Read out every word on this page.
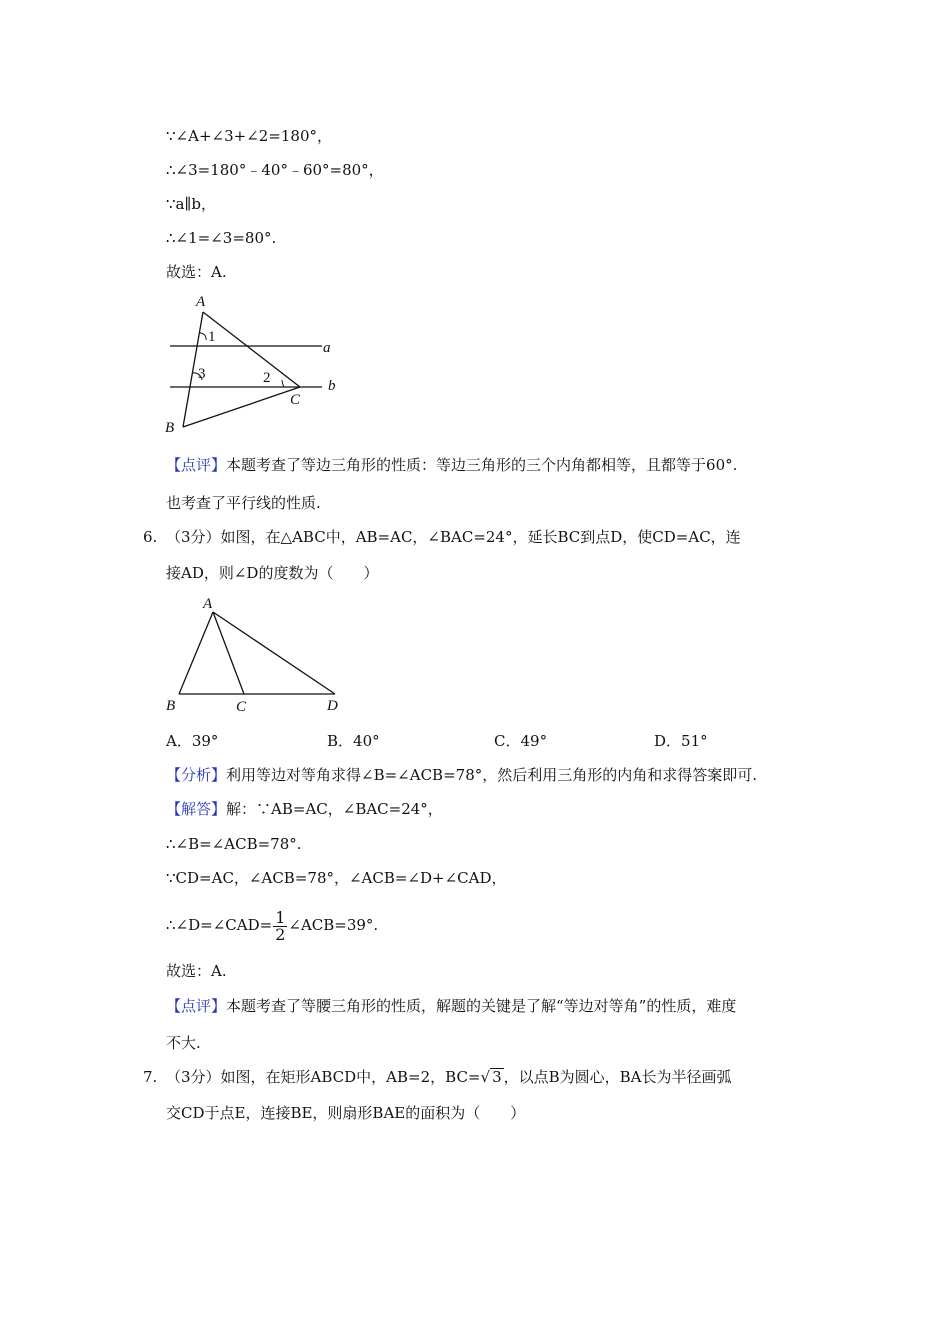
∵∠A+∠3+∠2=180°，
∴∠3=180°﹣40°﹣60°=80°，
∵a∥b，
∴∠1=∠3=80°.
故选：A.
A
B
C
a
b
1
2
3
【点评】本题考查了等边三角形的性质：等边三角形的三个内角都相等，且都等于60°.
也考查了平行线的性质.
6. （3分）如图，在△ABC中，AB=AC，∠BAC=24°，延长BC到点D，使CD=AC，连
接AD，则∠D的度数为（　　）
A
B	C	D
A．39°	B．40°	C．49°	D．51°
【分析】利用等边对等角求得∠B=∠ACB=78°，然后利用三角形的内角和求得答案即可.
【解答】解：∵AB=AC，∠BAC=24°，
∴∠B=∠ACB=78°.
∵CD=AC，∠ACB=78°，∠ACB=∠D+∠CAD，
∴∠D=∠CAD= $\frac{1}{2}$ ∠ACB=39°.
故选：A.
【点评】本题考查了等腰三角形的性质，解题的关键是了解“等边对等角”的性质，难度
不大.
7. （3分）如图，在矩形ABCD中，AB=2，BC=√ 3 ，以点B为圆心，BA长为半径画弧
交CD于点E，连接BE，则扇形BAE的面积为（　　）
